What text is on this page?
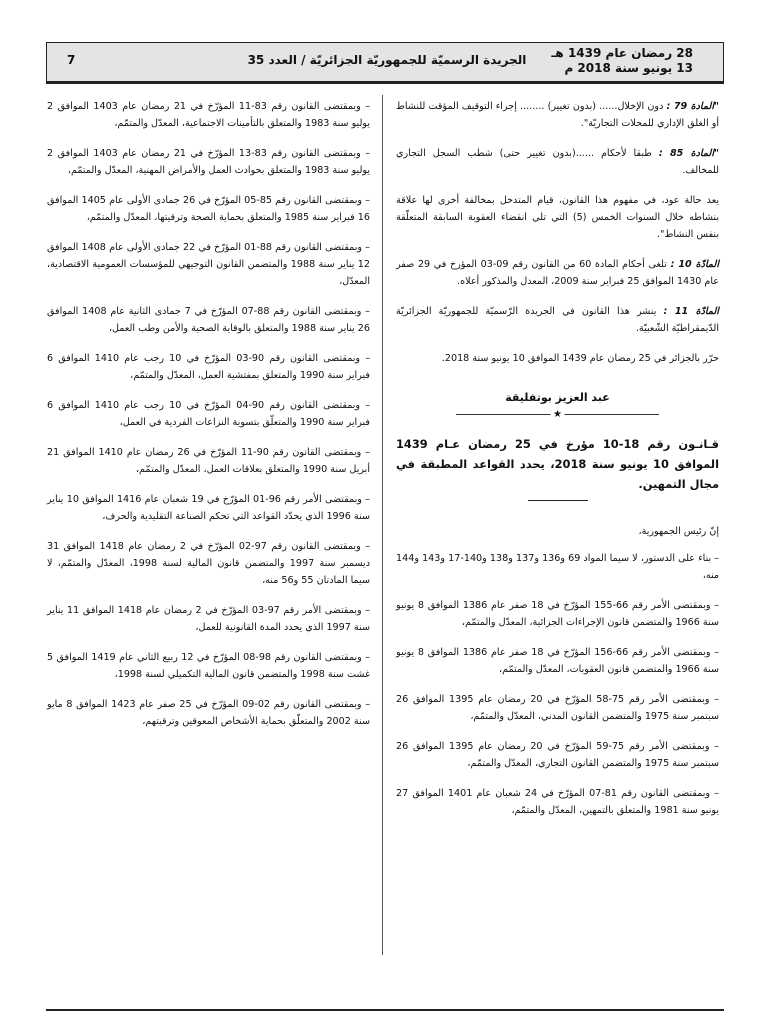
28 رمضان عام 1439 هـ
13 يونيو سنة 2018 م
الجريدة الرسميّة للجمهوريّة الجزائريّة / العدد 35
7

"المادة 79 : دون الإخلال...... (بدون تغيير) ........ إجراء التوقيف المؤقت للنشاط أو الغلق الإداري للمحلات التجاريّة".

"المادة 85 : طبقا لأحكام ......(بدون تغيير حتى) شطب السجل التجاري للمخالف.

يعد حالة عود، في مفهوم هذا القانون، قيام المتدخل بمخالفة أخرى لها علاقة بنشاطه خلال السنوات الخمس (5) التي تلي انقضاء العقوبة السابقة المتعلّقة بنفس النشاط".

المادّة 10 : تلغى أحكام المادة 60 من القانون رقم 09-03 المؤرخ في 29 صفر عام 1430 الموافق 25 فبراير سنة 2009، المعدل والمذكور أعلاه.

المادّة 11 : ينشر هذا القانون في الجريدة الرّسميّة للجمهوريّة الجزائريّة الدّيمقراطيّة الشّعبيّة.

حرّر بالجزائر في 25 رمضان عام 1439 الموافق 10 يونيو سنة 2018.

عبد العزيز بوتفليقة
★

قـانـون رقم 18-10 مؤرخ في 25 رمضان عـام 1439 الموافق 10 يونيو سنة 2018، يحدد القواعد المطبقة في مجال التمهين.

إنّ رئيس الجمهورية،

– بناء على الدستور، لا سيما المواد 69 و136 و137 و138 و140-17 و143 و144 منه،

– وبمقتضى الأمر رقم 66-155 المؤرّخ في 18 صفر عام 1386 الموافق 8 يونيو سنة 1966 والمتضمن قانون الإجراءات الجزائية، المعدّل والمتمّم،

– وبمقتضى الأمر رقم 66-156 المؤرّخ في 18 صفر عام 1386 الموافق 8 يونيو سنة 1966 والمتضمن قانون العقوبات، المعدّل والمتمّم،

– وبمقتضى الأمر رقم 75-58 المؤرّخ في 20 رمضان عام 1395 الموافق 26 سبتمبر سنة 1975 والمتضمن القانون المدني، المعدّل والمتمّم،

– وبمقتضى الأمر رقم 75-59 المؤرّخ في 20 رمضان عام 1395 الموافق 26 سبتمبر سنة 1975 والمتضمن القانون التجاري، المعدّل والمتمّم،

– وبمقتضى القانون رقم 81-07 المؤرّخ في 24 شعبان عام 1401 الموافق 27 يونيو سنة 1981 والمتعلق بالتمهين، المعدّل والمتمّم،

– وبمقتضى القانون رقم 83-11 المؤرّخ في 21 رمضان عام 1403 الموافق 2 يوليو سنة 1983 والمتعلق بالتأمينات الاجتماعية، المعدّل والمتمّم،

– وبمقتضى القانون رقم 83-13 المؤرّخ في 21 رمضان عام 1403 الموافق 2 يوليو سنة 1983 والمتعلق بحوادث العمل والأمراض المهنية، المعدّل والمتمّم،

– وبمقتضى القانون رقم 85-05 المؤرّخ في 26 جمادى الأولى عام 1405 الموافق 16 فبراير سنة 1985 والمتعلق بحماية الصحة وترقيتها، المعدّل والمتمّم،

– وبمقتضى القانون رقم 88-01 المؤرّخ في 22 جمادى الأولى عام 1408 الموافق 12 يناير سنة 1988 والمتضمن القانون التوجيهي للمؤسسات العمومية الاقتصادية، المعدّل،

– وبمقتضى القانون رقم 88-07 المؤرّخ في 7 جمادى الثانية عام 1408 الموافق 26 يناير سنة 1988 والمتعلق بالوقاية الصحية والأمن وطب العمل،

– وبمقتضى القانون رقم 90-03 المؤرّخ في 10 رجب عام 1410 الموافق 6 فبراير سنة 1990 والمتعلق بمفتشية العمل، المعدّل والمتمّم،

– وبمقتضى القانون رقم 90-04 المؤرّخ في 10 رجب عام 1410 الموافق 6 فبراير سنة 1990 والمتعلّق بتسوية النزاعات الفردية في العمل،

– وبمقتضى القانون رقم 90-11 المؤرّخ في 26 رمضان عام 1410 الموافق 21 أبريل سنة 1990 والمتعلق بعلاقات العمل، المعدّل والمتمّم،

– وبمقتضى الأمر رقم 96-01 المؤرّخ في 19 شعبان عام 1416 الموافق 10 يناير سنة 1996 الذي يحدّد القواعد التي تحكم الصناعة التقليدية والحرف،

– وبمقتضى القانون رقم 97-02 المؤرّخ في 2 رمضان عام 1418 الموافق 31 ديسمبر سنة 1997 والمتضمن قانون المالية لسنة 1998، المعدّل والمتمّم، لا سيما المادتان 55 و56 منه،

– وبمقتضى الأمر رقم 97-03 المؤرّخ في 2 رمضان عام 1418 الموافق 11 يناير سنة 1997 الذي يحدد المدة القانونية للعمل،

– وبمقتضى القانون رقم 98-08 المؤرّخ في 12 ربيع الثاني عام 1419 الموافق 5 غشت سنة 1998 والمتضمن قانون المالية التكميلي لسنة 1998،

– وبمقتضى القانون رقم 02-09 المؤرّخ في 25 صفر عام 1423 الموافق 8 مايو سنة 2002 والمتعلّق بحماية الأشخاص المعوقين وترقيتهم،
